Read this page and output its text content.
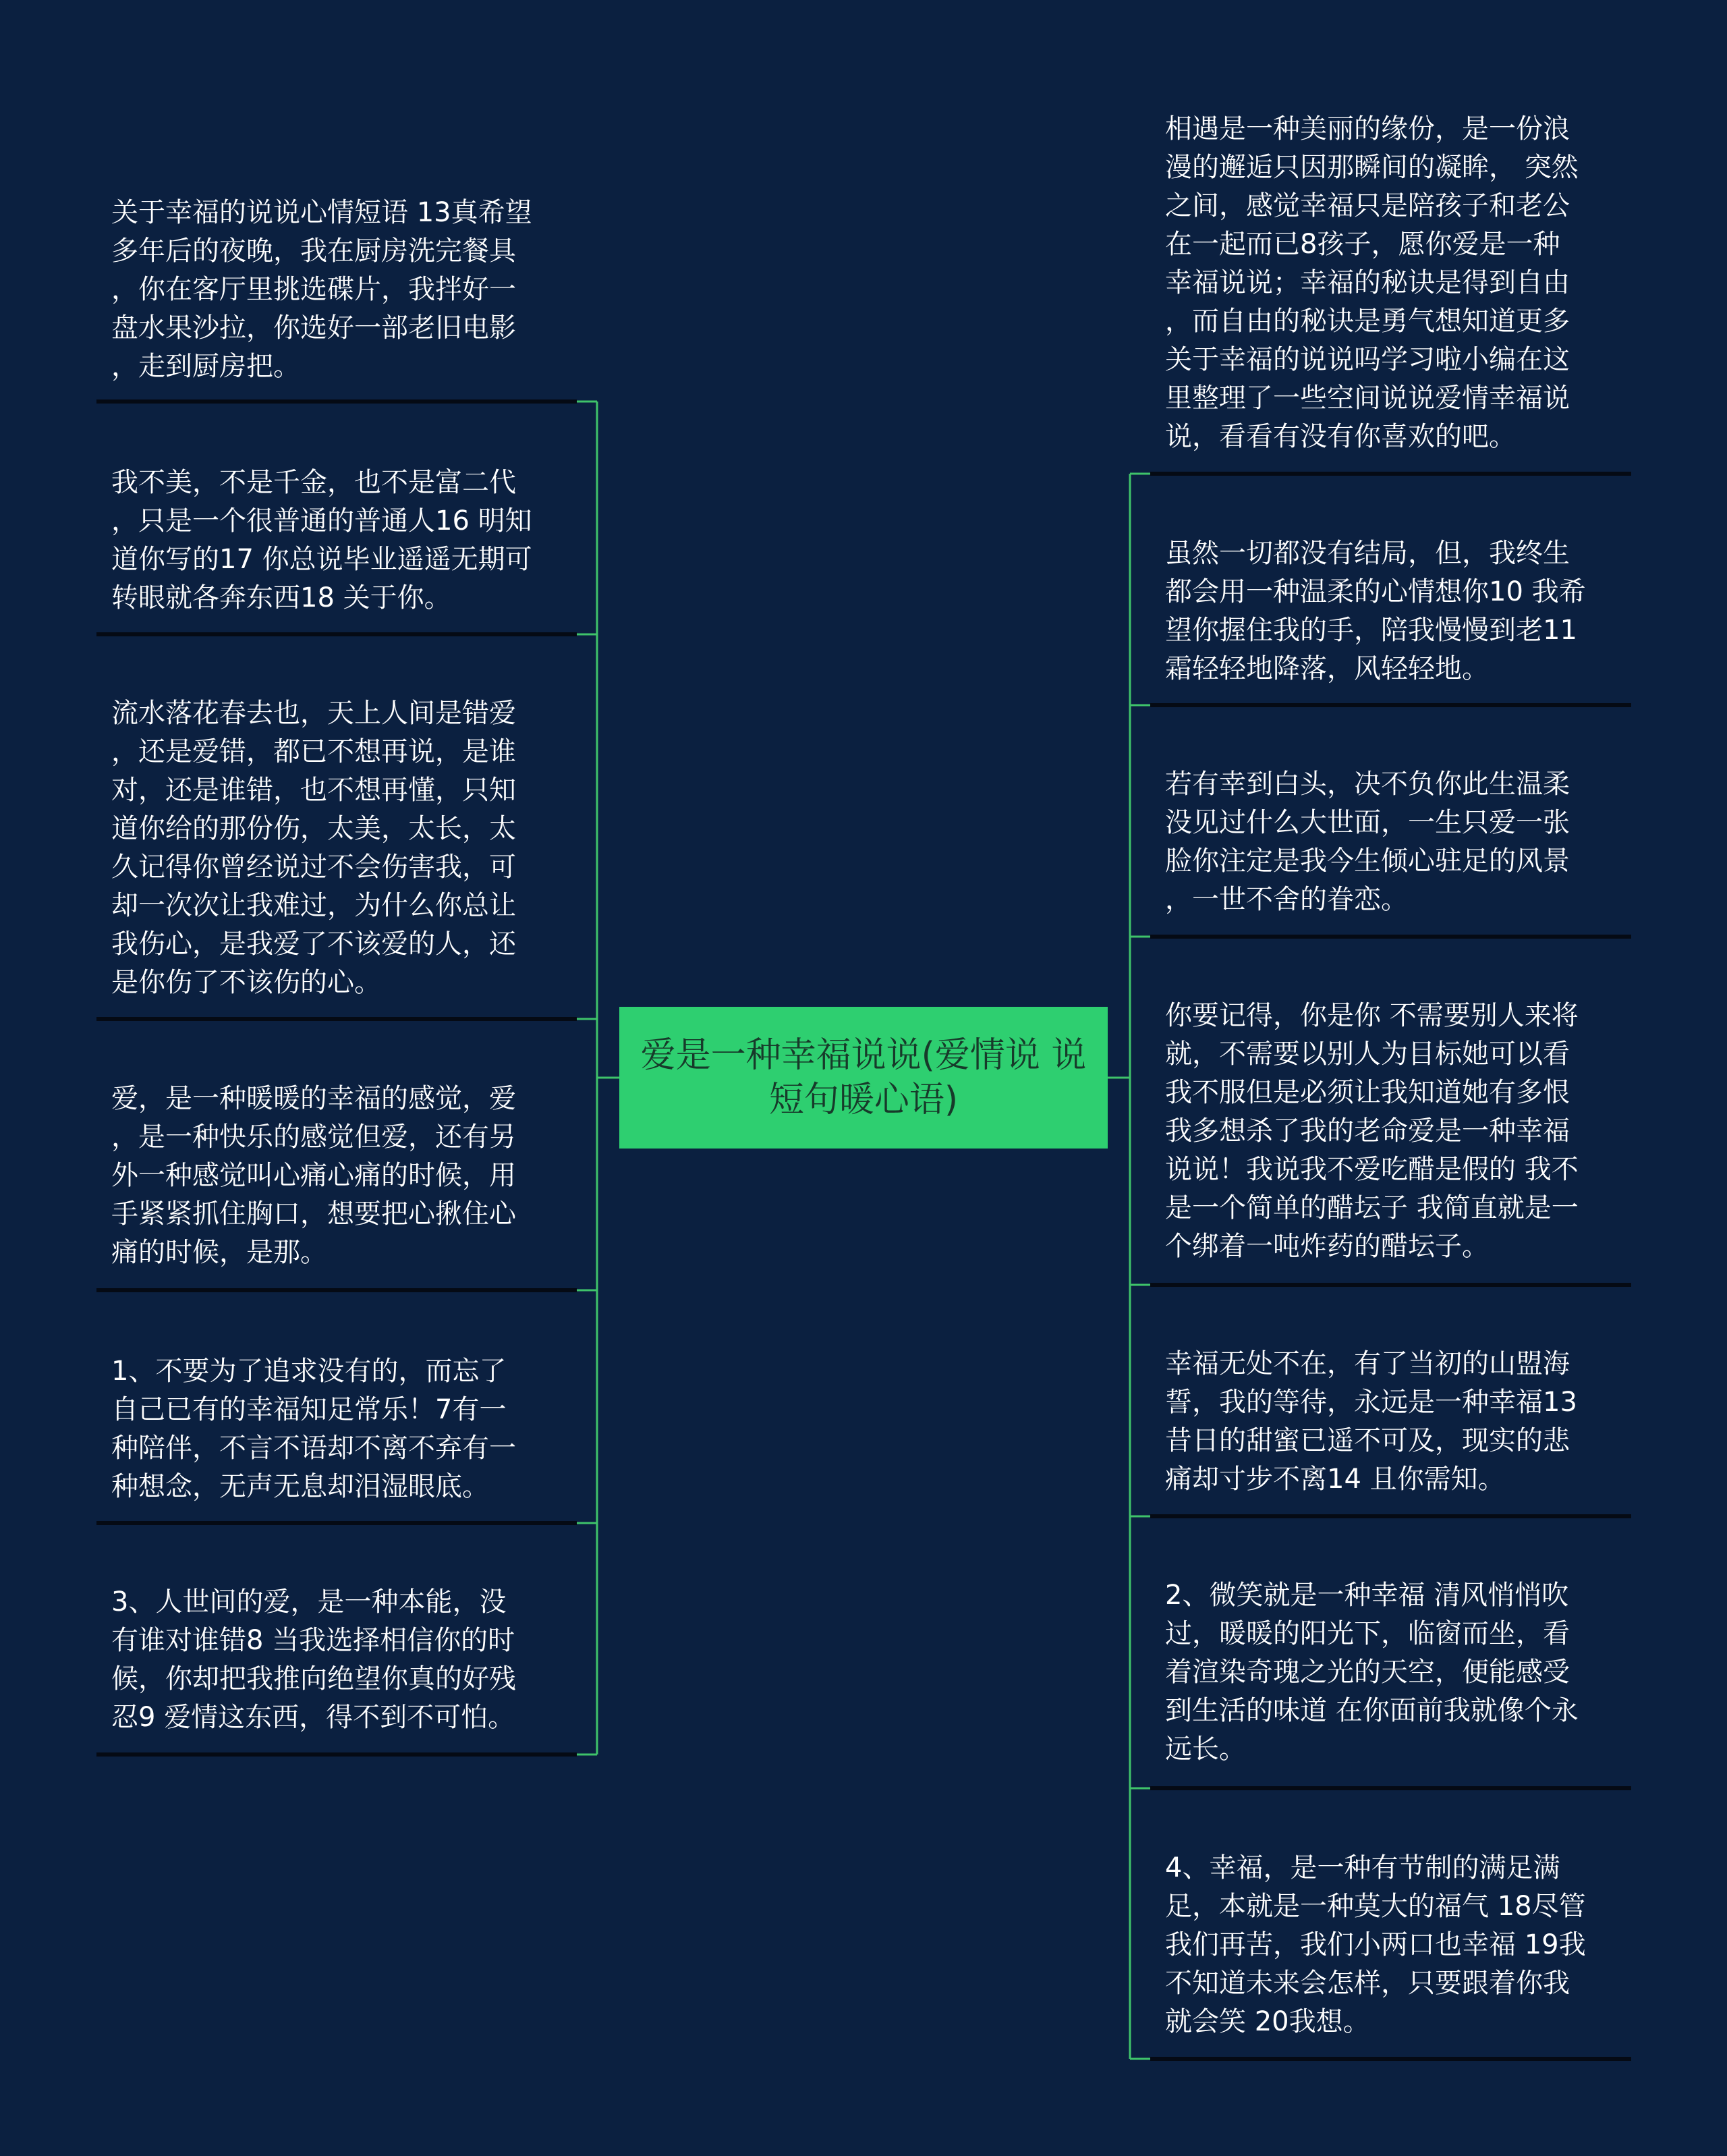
爱是一种幸福说说(爱情说 说短句暖心语)

关于幸福的说说心情短语 13真希望
多年后的夜晚，我在厨房洗完餐具
，你在客厅里挑选碟片，我拌好一
盘水果沙拉，你选好一部老旧电影
，走到厨房把。

我不美，不是千金，也不是富二代
，只是一个很普通的普通人16 明知
道你写的17 你总说毕业遥遥无期可
转眼就各奔东西18 关于你。

流水落花春去也，天上人间是错爱
，还是爱错，都已不想再说，是谁
对，还是谁错，也不想再懂，只知
道你给的那份伤，太美，太长，太
久记得你曾经说过不会伤害我，可
却一次次让我难过，为什么你总让
我伤心，是我爱了不该爱的人，还
是你伤了不该伤的心。

爱，是一种暖暖的幸福的感觉，爱
，是一种快乐的感觉但爱，还有另
外一种感觉叫心痛心痛的时候，用
手紧紧抓住胸口，想要把心揪住心
痛的时候，是那。

1、不要为了追求没有的，而忘了
自己已有的幸福知足常乐！7有一
种陪伴，不言不语却不离不弃有一
种想念，无声无息却泪湿眼底。

3、人世间的爱，是一种本能，没
有谁对谁错8 当我选择相信你的时
候，你却把我推向绝望你真的好残
忍9 爱情这东西，得不到不可怕。

相遇是一种美丽的缘份，是一份浪
漫的邂逅只因那瞬间的凝眸， 突然
之间，感觉幸福只是陪孩子和老公
在一起而已8孩子，愿你爱是一种
幸福说说；幸福的秘诀是得到自由
，而自由的秘诀是勇气想知道更多
关于幸福的说说吗学习啦小编在这
里整理了一些空间说说爱情幸福说
说，看看有没有你喜欢的吧。

虽然一切都没有结局，但，我终生
都会用一种温柔的心情想你10 我希
望你握住我的手，陪我慢慢到老11
霜轻轻地降落，风轻轻地。

若有幸到白头，决不负你此生温柔
没见过什么大世面，一生只爱一张
脸你注定是我今生倾心驻足的风景
，一世不舍的眷恋。

你要记得，你是你 不需要别人来将
就，不需要以别人为目标她可以看
我不服但是必须让我知道她有多恨
我多想杀了我的老命爱是一种幸福
说说！我说我不爱吃醋是假的 我不
是一个简单的醋坛子 我简直就是一
个绑着一吨炸药的醋坛子。

幸福无处不在，有了当初的山盟海
誓，我的等待，永远是一种幸福13
昔日的甜蜜已遥不可及，现实的悲
痛却寸步不离14 且你需知。

2、微笑就是一种幸福 清风悄悄吹
过，暖暖的阳光下，临窗而坐，看
着渲染奇瑰之光的天空，便能感受
到生活的味道 在你面前我就像个永
远长。

4、幸福，是一种有节制的满足满
足，本就是一种莫大的福气 18尽管
我们再苦，我们小两口也幸福 19我
不知道未来会怎样，只要跟着你我
就会笑 20我想。
